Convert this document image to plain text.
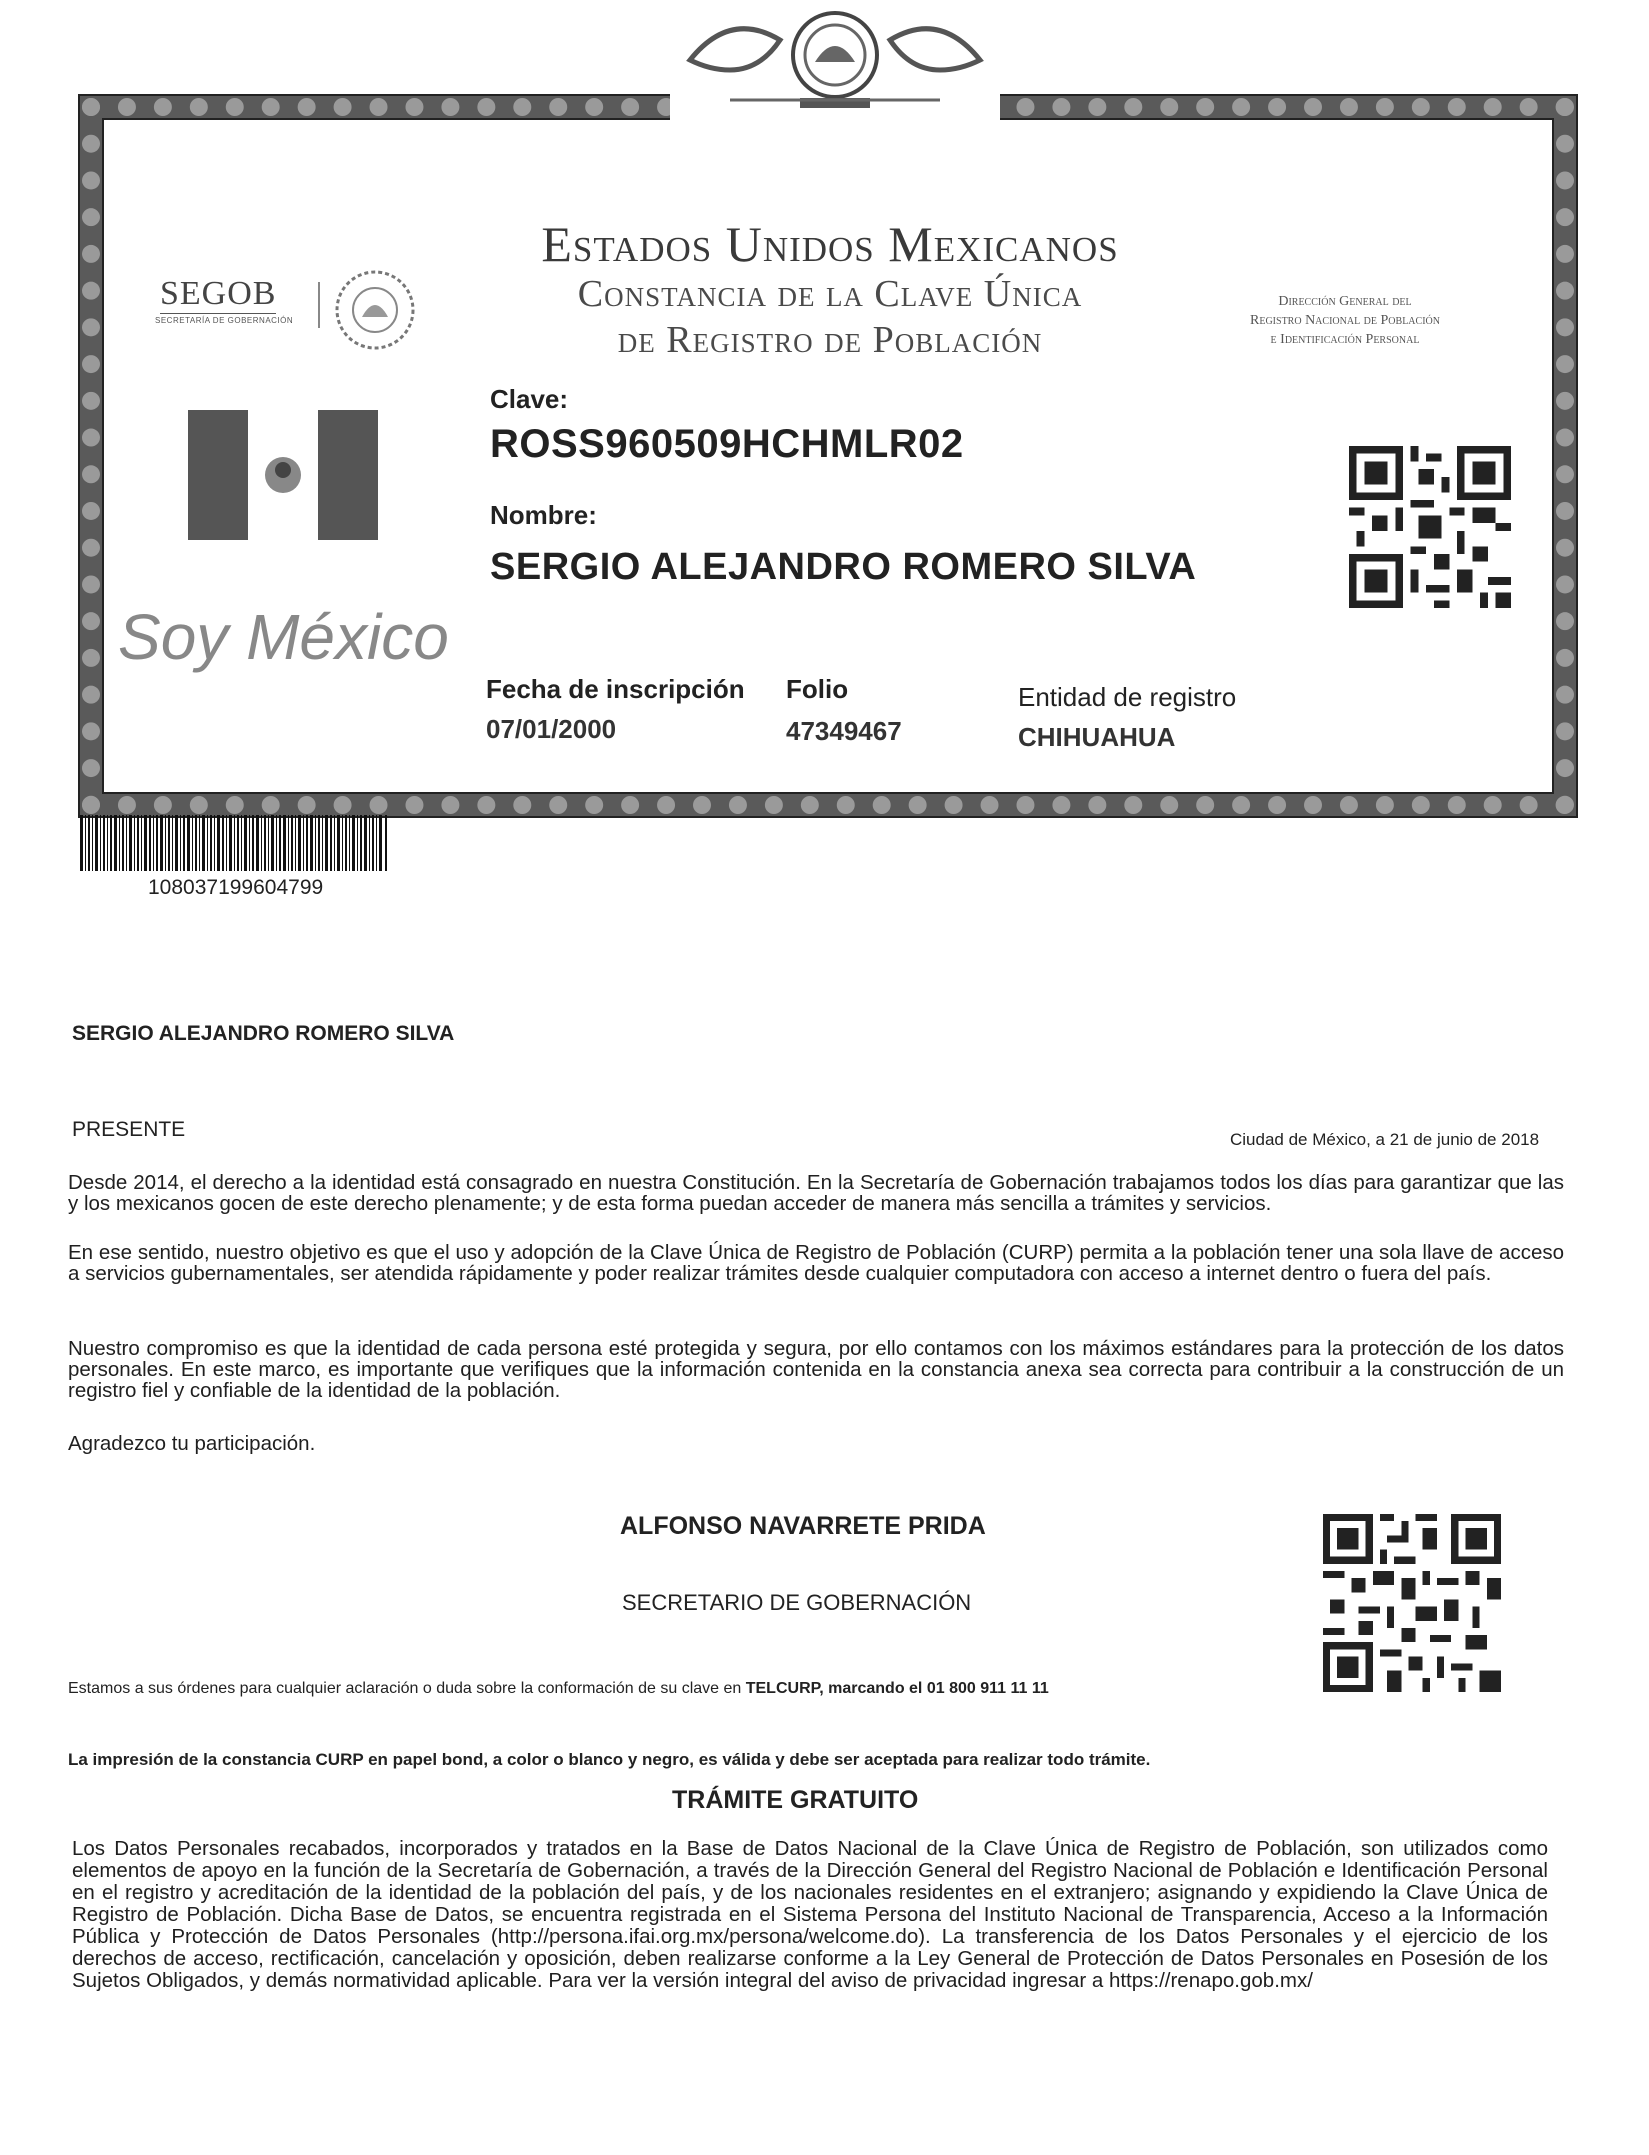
Estados Unidos Mexicanos
Constancia de la Clave Única
de Registro de Población
SEGOB
SECRETARÍA DE GOBERNACIÓN
Dirección General del
Registro Nacional de Población
e Identificación Personal
Soy México
Clave:
ROSS960509HCHMLR02
Nombre:
SERGIO ALEJANDRO ROMERO SILVA
Fecha de inscripción
07/01/2000
Folio
47349467
Entidad de registro
CHIHUAHUA
108037199604799
SERGIO ALEJANDRO ROMERO SILVA
PRESENTE	Ciudad de México, a 21 de junio de 2018
Desde 2014, el derecho a la identidad está consagrado en nuestra Constitución. En la Secretaría de Gobernación trabajamos todos los días para garantizar que las y los mexicanos gocen de este derecho plenamente; y de esta forma puedan acceder de manera más sencilla a trámites y servicios.
En ese sentido, nuestro objetivo es que el uso y adopción de la Clave Única de Registro de Población (CURP) permita a la población tener una sola llave de acceso a servicios gubernamentales, ser atendida rápidamente y poder realizar trámites desde cualquier computadora con acceso a internet dentro o fuera del país.
Nuestro compromiso es que la identidad de cada persona esté protegida y segura, por ello contamos con los máximos estándares para la protección de los datos personales. En este marco, es importante que verifiques que la información contenida en la constancia anexa sea correcta para contribuir a la construcción de un registro fiel y confiable de la identidad de la población.
Agradezco tu participación.
ALFONSO NAVARRETE PRIDA
SECRETARIO DE GOBERNACIÓN
Estamos a sus órdenes para cualquier aclaración o duda sobre la conformación de su clave en TELCURP, marcando el 01 800 911 11 11
La impresión de la constancia CURP en papel bond, a color o blanco y negro, es válida y debe ser aceptada para realizar todo trámite.
TRÁMITE GRATUITO
Los Datos Personales recabados, incorporados y tratados en la Base de Datos Nacional de la Clave Única de Registro de Población, son utilizados como elementos de apoyo en la función de la Secretaría de Gobernación, a través de la Dirección General del Registro Nacional de Población e Identificación Personal en el registro y acreditación de la identidad de la población del país, y de los nacionales residentes en el extranjero; asignando y expidiendo la Clave Única de Registro de Población. Dicha Base de Datos, se encuentra registrada en el Sistema Persona del Instituto Nacional de Transparencia, Acceso a la Información Pública y Protección de Datos Personales (http://persona.ifai.org.mx/persona/welcome.do). La transferencia de los Datos Personales y el ejercicio de los derechos de acceso, rectificación, cancelación y oposición, deben realizarse conforme a la Ley General de Protección de Datos Personales en Posesión de los Sujetos Obligados, y demás normatividad aplicable. Para ver la versión integral del aviso de privacidad ingresar a https://renapo.gob.mx/
